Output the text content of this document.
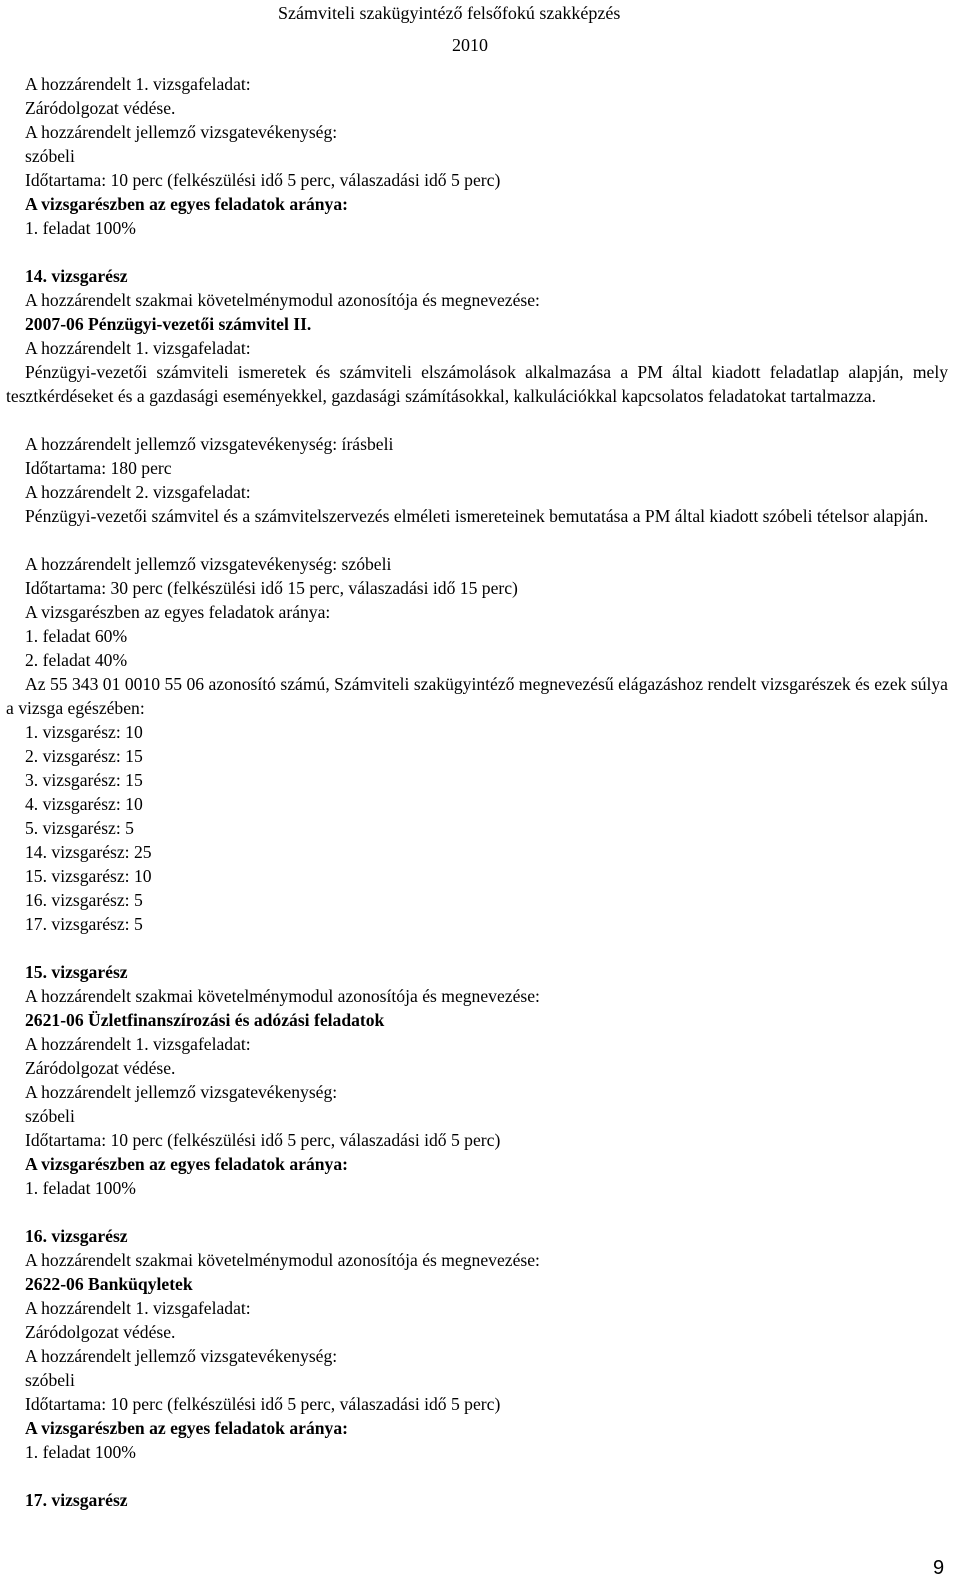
Számviteli szakügyintéző felsőfokú szakképzés
2010
A hozzárendelt 1. vizsgafeladat:
Záródolgozat védése.
A hozzárendelt jellemző vizsgatevékenység:
szóbeli
Időtartama: 10 perc (felkészülési idő 5 perc, válaszadási idő 5 perc)
A vizsgarészben az egyes feladatok aránya:
1. feladat 100%
14. vizsgarész
A hozzárendelt szakmai követelménymodul azonosítója és megnevezése:
2007-06 Pénzügyi-vezetői számvitel II.
A hozzárendelt 1. vizsgafeladat:
Pénzügyi-vezetői számviteli ismeretek és számviteli elszámolások alkalmazása a PM által kiadott feladatlap alapján, mely tesztkérdéseket és a gazdasági eseményekkel, gazdasági számításokkal, kalkulációkkal kapcsolatos feladatokat tartalmazza.
A hozzárendelt jellemző vizsgatevékenység: írásbeli
Időtartama: 180 perc
A hozzárendelt 2. vizsgafeladat:
Pénzügyi-vezetői számvitel és a számvitelszervezés elméleti ismereteinek bemutatása a PM által kiadott szóbeli tételsor alapján.
A hozzárendelt jellemző vizsgatevékenység: szóbeli
Időtartama: 30 perc (felkészülési idő 15 perc, válaszadási idő 15 perc)
A vizsgarészben az egyes feladatok aránya:
1. feladat 60%
2. feladat 40%
Az 55 343 01 0010 55 06 azonosító számú, Számviteli szakügyintéző megnevezésű elágazáshoz rendelt vizsgarészek és ezek súlya a vizsga egészében:
1. vizsgarész: 10
2. vizsgarész: 15
3. vizsgarész: 15
4. vizsgarész: 10
5. vizsgarész: 5
14. vizsgarész: 25
15. vizsgarész: 10
16. vizsgarész: 5
17. vizsgarész: 5
15. vizsgarész
A hozzárendelt szakmai követelménymodul azonosítója és megnevezése:
2621-06 Üzletfinanszírozási és adózási feladatok
A hozzárendelt 1. vizsgafeladat:
Záródolgozat védése.
A hozzárendelt jellemző vizsgatevékenység:
szóbeli
Időtartama: 10 perc (felkészülési idő 5 perc, válaszadási idő 5 perc)
A vizsgarészben az egyes feladatok aránya:
1. feladat 100%
16. vizsgarész
A hozzárendelt szakmai követelménymodul azonosítója és megnevezése:
2622-06 Banküqyletek
A hozzárendelt 1. vizsgafeladat:
Záródolgozat védése.
A hozzárendelt jellemző vizsgatevékenység:
szóbeli
Időtartama: 10 perc (felkészülési idő 5 perc, válaszadási idő 5 perc)
A vizsgarészben az egyes feladatok aránya:
1. feladat 100%
17. vizsgarész
9
